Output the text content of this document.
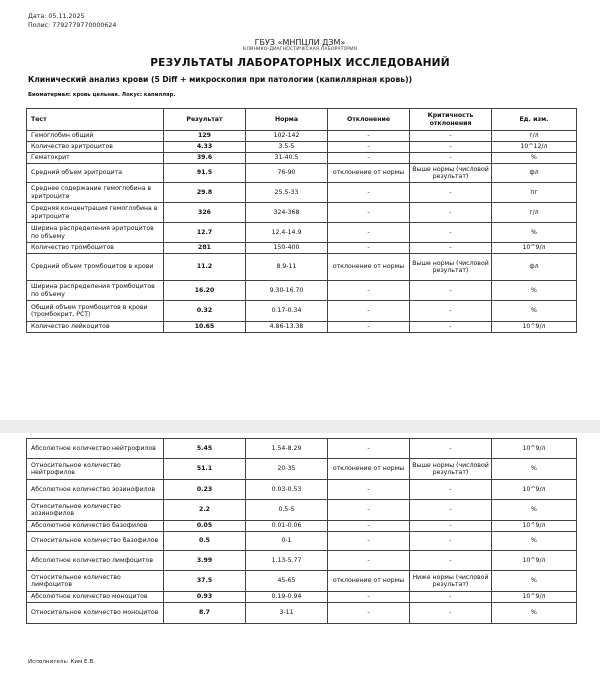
Дата: 05.11.2025
Полис: 7792779770000624
ГБУЗ «МНПЦЛИ ДЗМ»
КЛИНИКО-ДИАГНОСТИЧЕСКАЯ ЛАБОРАТОРИЯ
РЕЗУЛЬТАТЫ ЛАБОРАТОРНЫХ ИССЛЕДОВАНИЙ
Клинический анализ крови (5 Diff + микроскопия при патологии (капиллярная кровь))
Биоматериал: кровь цельная. Локус: капилляр.
Тест	Результат	Норма	Отклонение	Критичность отклонения	Ед. изм.
Гемоглобин общий	129	102-142	-	-	г/л
Количество эритроцитов	4.33	3.5-5	-	-	10^12/л
Гематокрит	39.6	31-40.5	-	-	%
Средний объем эритроцита	91.5	76-90	отклонение от нормы	Выше нормы (числовой результат)	фл
Среднее содержание гемоглобина в эритроците	29.8	25.5-33	-	-	пг
Средняя концентрация гемоглобина в эритроците	326	324-368	-	-	г/л
Ширина распределения эритроцитов по объему	12.7	12.4-14.9	-	-	%
Количество тромбоцитов	281	150-400	-	-	10^9/л
Средний объем тромбоцитов в крови	11.2	8.9-11	отклонение от нормы	Выше нормы (числовой результат)	фл
Ширина распределения тромбоцитов по объему	16.20	9.30-16.70	-	-	%
Общий объем тромбоцитов в крови (тромбокрит, PCT)	0.32	0.17-0.34	-	-	%
Количество лейкоцитов	10.65	4.86-13.38	-	-	10^9/л
Абсолютное количество нейтрофилов	5.45	1.54-8.29	-	-	10^9/л
Относительное количество нейтрофилов	51.1	20-35	отклонение от нормы	Выше нормы (числовой результат)	%
Абсолютное количество эозинофилов	0.23	0.03-0.53	-	-	10^9/л
Относительное количество эозинофилов	2.2	0.5-5	-	-	%
Абсолютное количество базофилов	0.05	0.01-0.06	-	-	10^9/л
Относительное количество базофилов	0.5	0-1	-	-	%
Абсолютное количество лимфоцитов	3.99	1.13-5.77	-	-	10^9/л
Относительное количество лимфоцитов	37.5	45-65	отклонение от нормы	Ниже нормы (числовой результат)	%
Абсолютное количество моноцитов	0.93	0.19-0.94	-	-	10^9/л
Относительное количество моноцитов	8.7	3-11	-	-	%
Исполнитель: Ким Е.В.
